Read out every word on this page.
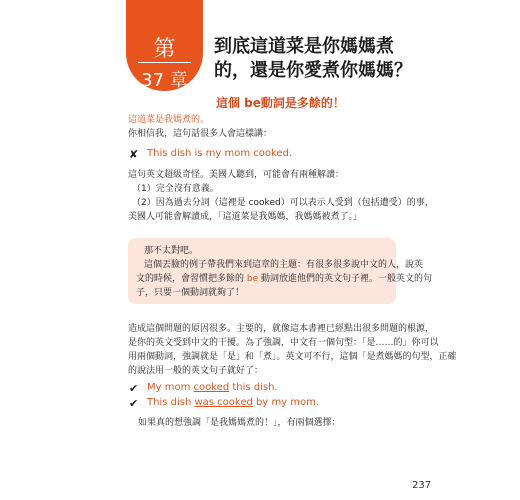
第
37 章
到底這道菜是你媽媽煮
的，還是你愛煮你媽媽？
這個 be動詞是多餘的！
這道菜是我媽煮的。
你相信我，這句話很多人會這樣講：
✘ This dish is my mom cooked.
這句英文超級奇怪。美國人聽到，可能會有兩種解讀：
（1）完全沒有意義。
（2）因為過去分詞（這裡是 cooked）可以表示人受到（包括遭受）的事，
美國人可能會解讀成，「這道菜是我媽媽，我媽媽被煮了。」
那不太對吧。
這個丟臉的例子帶我們來到這章的主題：有很多很多說中文的人，說英
文的時候，會習慣把多餘的 be 動詞放進他們的英文句子裡。一般英文的句
子，只要一個動詞就夠了！
造成這個問題的原因很多。主要的，就像這本書裡已經點出很多問題的根源，
是你的英文受到中文的干擾。為了強調，中文有一個句型：「是……的」你可以
用兩個動詞，強調就是「是」和「煮」。英文可不行，這個「是煮媽媽的句型，正確
的說法用一般的英文句子就好了：
✔ My mom cooked this dish.
✔ This dish was cooked by my mom.
如果真的想強調「是我媽媽煮的！」，有兩個選擇：
237
